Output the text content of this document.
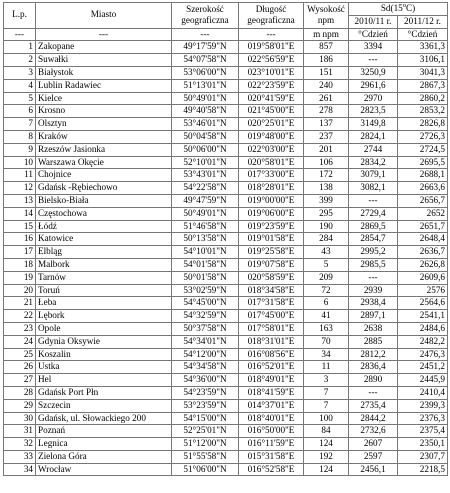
L.p.	Miasto	Szerokość geograficzna	Długość geograficzna	Wysokość npm	Sd(15$^o$C)	
					2010/11 r.	2011/12 r.
---	---	---	---	m npm	°Cdzień	°Cdzień
1	Zakopane	49°17'59"N	019°58'01"E	857	3394	3361,3
2	Suwałki	54°07'58"N	022°56'59"E	186	---	3106,1
3	Białystok	53°06'00"N	023°10'01"E	151	3250,9	3041,3
4	Lublin Radawiec	51°13'01"N	022°23'59"E	240	2961,6	2867,3
5	Kielce	50°49'01"N	020°41'59"E	261	2970	2860,2
6	Krosno	49°40'58"N	021°45'00"E	278	2823,5	2853,2
7	Olsztyn	53°46'01"N	020°25'01"E	137	3149,8	2826,8
8	Kraków	50°04'58"N	019°48'00"E	237	2824,1	2726,3
9	Rzeszów Jasionka	50°06'00"N	022°03'00"E	201	2744	2724,5
10	Warszawa Okęcie	52°10'01"N	020°58'01"E	106	2834,2	2695,5
11	Chojnice	53°43'01"N	017°33'00"E	172	3079,1	2688,1
12	Gdańsk -Rębiechowo	54°22'58"N	018°28'01"E	138	3082,1	2663,6
13	Bielsko-Biała	49°47'59"N	019°00'00"E	399	---	2656,7
14	Częstochowa	50°49'01"N	019°06'00"E	295	2729,4	2652
15	Łódź	51°46'58"N	019°23'59"E	190	2869,5	2651,7
16	Katowice	50°13'58"N	019°01'58"E	284	2854,7	2648,4
17	Elbląg	54°10'01"N	019°25'58"E	43	2995,2	2636,7
18	Malbork	54°01'58"N	019°07'58"E	5	2985,5	2626,8
19	Tarnów	50°01'58"N	020°58'59"E	209	---	2609,6
20	Toruń	53°02'59"N	018°34'58"E	72	2939	2576
21	Łeba	54°45'00"N	017°31'58"E	6	2938,4	2564,6
22	Lębork	54°32'59"N	017°45'00"E	41	2897,1	2541,1
23	Opole	50°37'58"N	017°58'01"E	163	2638	2484,6
24	Gdynia Oksywie	54°34'01"N	018°31'01"E	70	2885	2482,2
25	Koszalin	54°12'00"N	016°08'56"E	34	2812,2	2476,3
26	Ustka	54°34'58"N	016°52'01"E	11	2836,4	2451,2
27	Hel	54°36'00"N	018°49'01"E	3	2890	2445,9
28	Gdańsk Port Płn	54°23'59"N	018°41'59"E	7	---	2410,4
29	Szczecin	53°23'59"N	014°37'01"E	7	2735,4	2399,3
30	Gdańsk, ul. Słowackiego 200	54°15'00"N	018°40'01"E	100	2844,2	2376,3
31	Poznań	52°25'01"N	016°50'00"E	84	2732,6	2375,4
32	Legnica	51°12'00"N	016°11'59"E	124	2607	2350,1
33	Zielona Góra	51°55'58"N	015°31'58"E	192	2597	2307,7
34	Wrocław	51°06'00"N	016°52'58"E	124	2456,1	2218,5
